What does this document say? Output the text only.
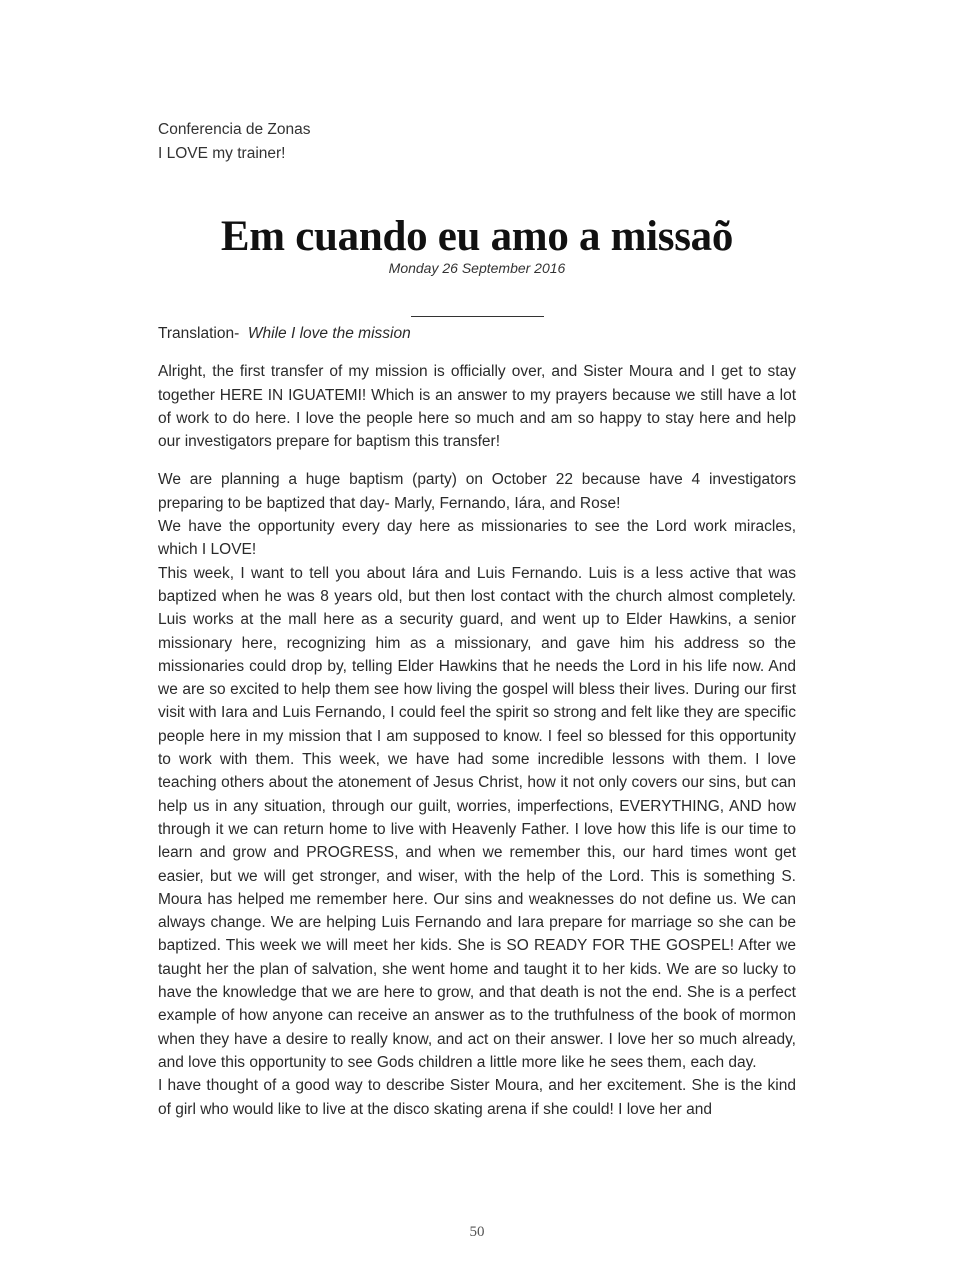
Conferencia de Zonas
I LOVE my trainer!
Em cuando eu amo a missaõ
Monday 26 September 2016

Translation- While I love the mission

Alright, the first transfer of my mission is officially over, and Sister Moura and I get to stay together HERE IN IGUATEMI! Which is an answer to my prayers because we still have a lot of work to do here. I love the people here so much and am so happy to stay here and help our investigators prepare for baptism this transfer!

We are planning a huge baptism (party) on October 22 because have 4 investigators preparing to be baptized that day- Marly, Fernando, Iára, and Rose!

We have the opportunity every day here as missionaries to see the Lord work miracles, which I LOVE!

This week, I want to tell you about Iára and Luis Fernando. Luis is a less active that was baptized when he was 8 years old, but then lost contact with the church almost completely. Luis works at the mall here as a security guard, and went up to Elder Hawkins, a senior missionary here, recognizing him as a missionary, and gave him his address so the missionaries could drop by, telling Elder Hawkins that he needs the Lord in his life now. And we are so excited to help them see how living the gospel will bless their lives. During our first visit with Iara and Luis Fernando, I could feel the spirit so strong and felt like they are specific people here in my mission that I am supposed to know. I feel so blessed for this opportunity to work with them. This week, we have had some incredible lessons with them. I love teaching others about the atonement of Jesus Christ, how it not only covers our sins, but can help us in any situation, through our guilt, worries, imperfections, EVERYTHING, AND how through it we can return home to live with Heavenly Father. I love how this life is our time to learn and grow and PROGRESS, and when we remember this, our hard times wont get easier, but we will get stronger, and wiser, with the help of the Lord. This is something S. Moura has helped me remember here. Our sins and weaknesses do not define us. We can always change. We are helping Luis Fernando and Iara prepare for marriage so she can be baptized. This week we will meet her kids. She is SO READY FOR THE GOSPEL! After we taught her the plan of salvation, she went home and taught it to her kids. We are so lucky to have the knowledge that we are here to grow, and that death is not the end. She is a perfect example of how anyone can receive an answer as to the truthfulness of the book of mormon when they have a desire to really know, and act on their answer. I love her so much already, and love this opportunity to see Gods children a little more like he sees them, each day.

I have thought of a good way to describe Sister Moura, and her excitement. She is the kind of girl who would like to live at the disco skating arena if she could! I love her and

50
